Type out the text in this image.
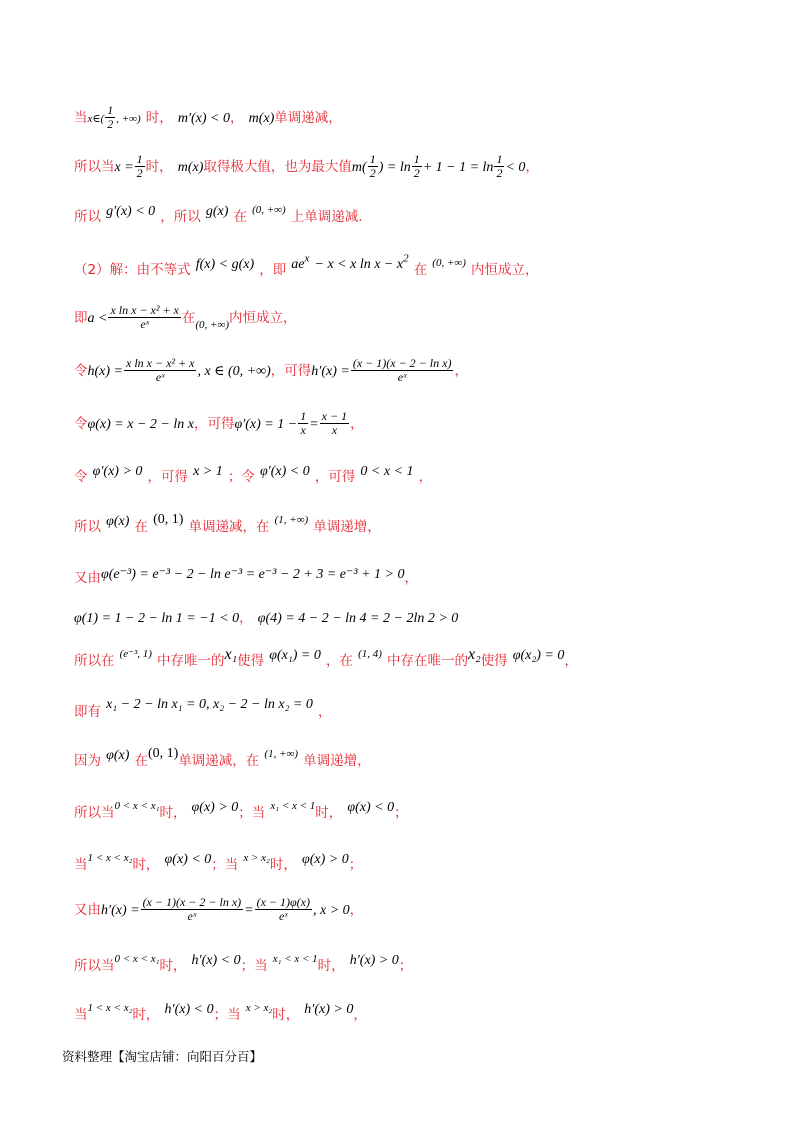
当x∈( $\frac{1}{2}$ , +∞) 时， m′(x) < 0， m(x)单调递减，
所以当$x = \frac{1}{2}$ 时， m(x)取得极大值，也为最大值$m( \frac{1}{2}$ ) = $\ln \frac{1}{2} + 1 - 1 = \ln \frac{1}{2} < 0$，
所以 g′(x) < 0 ，所以 g(x) 在 $^{(0, +\infty)}$ 上单调递减.
（2）解：由不等式 f(x) < g(x) ，即 $ae^x - x < x$ $\ln x - x^2$ 在 $^{(0, +\infty)}$ 内恒成立，
即$a < \frac{\text{x ln x − x² + x}}{\text{eˣ}}$ 在$_{(0, +\infty)}$内恒成立，
令$h(x) = \frac{\text{x ln x − x² + x}}{\text{eˣ}}$ , x ∈ (0, +∞)，可得$h'(x) = \frac{\text{(x − 1)(x − 2 − ln x)}}{\text{eˣ}}$ ，
令φ(x) = x − 2 − ln x，可得$\varphi'(x) = 1 - \frac{1}{x} = \frac{x - 1}{x}$ ，
令 φ′(x) > 0 ，可得 x > 1 ；令 φ′(x) < 0 ，可得 0 < x < 1 ，
所以 φ(x) 在 (0, 1) 单调递减，在 $^{(1, +\infty)}$ 单调递增，
又由φ(e⁻³) = e⁻³ − 2 − ln e⁻³ = e⁻³ − 2 + 3 = e⁻³ + 1 > 0，
φ(1) = 1 − 2 − ln 1 = −1 < 0， φ(4) = 4 − 2 − ln 4 = 2 − 2ln 2 > 0
所以在 $^{(e^{-3}, 1)}$ 中存唯一的x₁使得 φ(x₁) = 0 ，在 $^{(1, 4)}$ 中存在唯一的x₂使得 φ(x₂) = 0，
即有 x₁ − 2 − ln x₁ = 0, x₂ − 2 − ln x₂ = 0 ，
因为 φ(x) 在(0, 1)单调递减，在 $^{(1, +\infty)}$ 单调递增，
所以当$^{0 < x < x_1}$时， φ(x) > 0；当 $^{x_1 < x < 1}$时， φ(x) < 0；
当$^{1 < x < x_2}$时， φ(x) < 0；当 $^{x > x_2}$时， φ(x) > 0；
又由$h'(x) = \frac{\text{(x − 1)(x − 2 − ln x)}}{\text{eˣ}} = \frac{(x - 1)\varphi(x)}{\text{eˣ}}$ , x > 0，
所以当$^{0 < x < x_1}$时， h′(x) < 0；当 $^{x_1 < x < 1}$时， h′(x) > 0；
当$^{1 < x < x_2}$时， h′(x) < 0；当 $^{x > x_2}$时， h′(x) > 0，
资料整理【淘宝店铺：向阳百分百】
